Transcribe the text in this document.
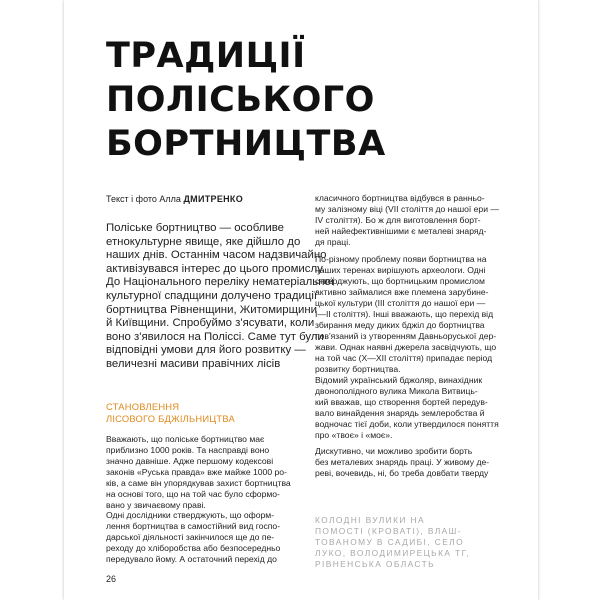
ТРАДИЦІЇ
ПОЛІСЬКОГО
БОРТНИЦТВА
Текст і фото Алла ДМИТРЕНКО
Поліське бортництво — особливе
етнокультурне явище, яке дійшло до
наших днів. Останнім часом надзвичайно
активізувався інтерес до цього промислу.
До Національного переліку нематеріальної
культурної спадщини долучено традиції
бортництва Рівненщини, Житомирщини
й Київщини. Спробуймо з'ясувати, коли
воно з'явилося на Поліссі. Саме тут були
відповідні умови для його розвитку —
величезні масиви правічних лісів
СТАНОВЛЕННЯ
ЛІСОВОГО БДЖІЛЬНИЦТВА
Вважають, що поліське бортництво має
приблизно 1000 років. Та насправді воно
значно давніше. Адже першому кодексові
законів «Руська правда» вже майже 1000 ро-
ків, а саме він упорядкував захист бортництва
на основі того, що на той час було сформо-
вано у звичаєвому праві.
Одні дослідники стверджують, що оформ-
лення бортництва в самостійний вид госпо-
дарської діяльності закінчилося ще до пе-
реходу до хліборобства або безпосередньо
передувало йому. А остаточний перехід до
класичного бортництва відбувся в ранньо-
му залізному віці (VII століття до нашої ери —
IV століття). Бо ж для виготовлення борт-
ней найефективнішими є металеві знаряд-
дя праці.
По-різному проблему появи бортництва на
наших теренах вирішують археологи. Одні
стверджують, що бортницьким промислом
активно займалися вже племена зарубине-
цької культури (III століття до нашої ери —
I—II століття). Інші вважають, що перехід від
збирання меду диких бджіл до бортництва
пов'язаний із утворенням Давньоруської дер-
жави. Однак наявні джерела засвідчують, що
на той час (X—XII століття) припадає період
розвитку бортництва.
Відомий український бджоляр, винахідник
двонополідного вулика Микола Витвиць-
кий вважав, що створення бортей передув-
вало винайдення знарядь землеробства й
водночас тієї доби, коли утвердилося поняття
про «твоє» і «моє».
Дискутивно, чи можливо зробити борть
без металевих знарядь праці. У живому де-
реві, вочевидь, ні, бо треба довбати тверду
КОЛОДНІ ВУЛИКИ НА
ПОМОСТІ (КРОВАТІ), ВЛАШ-
ТОВАНОМУ В САДИБІ, СЕЛО
ЛУКО, ВОЛОДИМИРЕЦЬКА ТГ,
РІВНЕНСЬКА ОБЛАСТЬ
26
